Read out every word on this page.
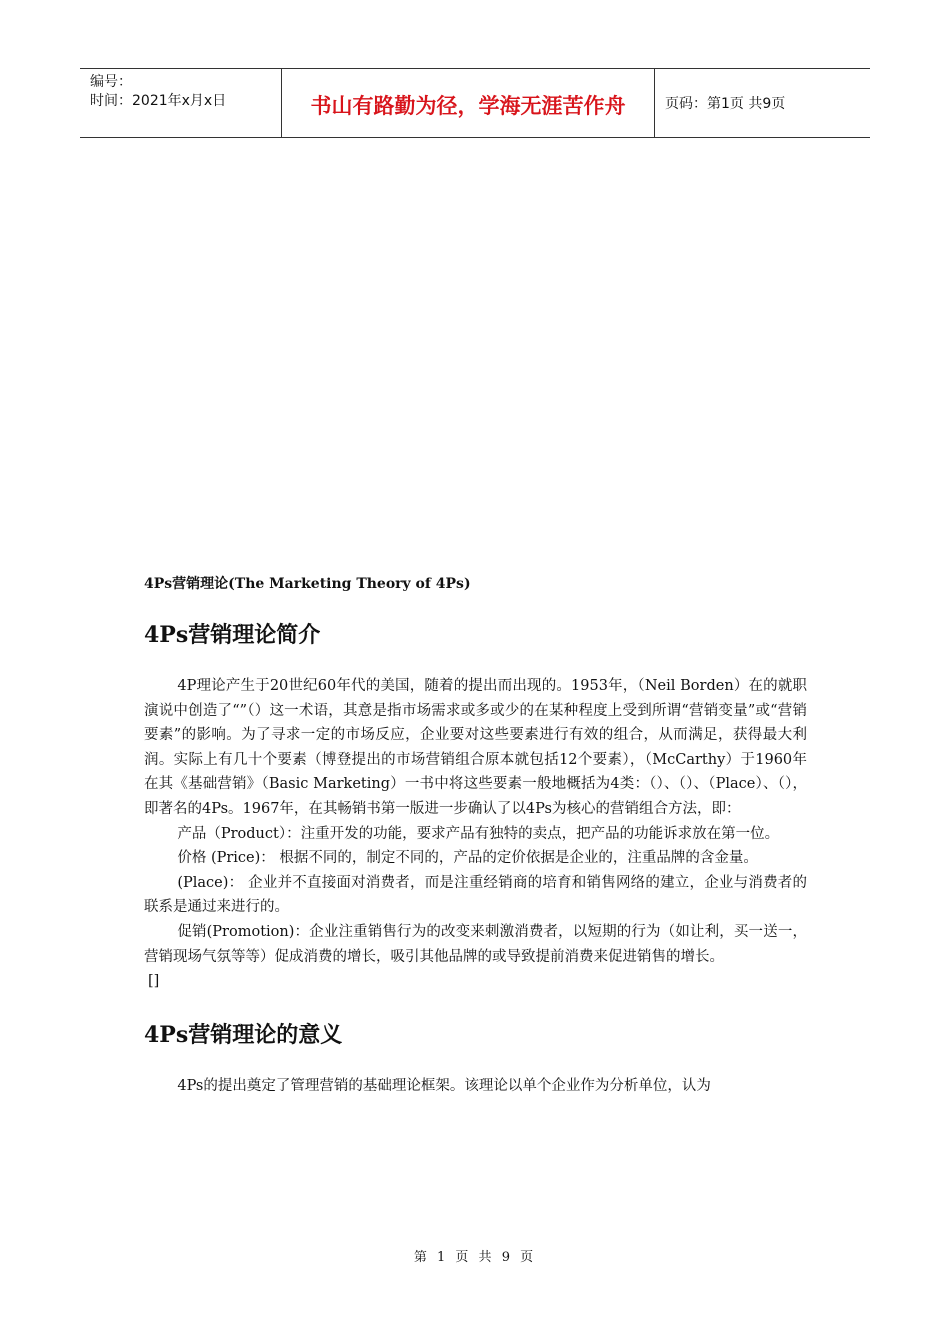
编号：
时间：2021年x月x日	书山有路勤为径，学海无涯苦作舟	页码：第1页 共9页

4Ps营销理论(The Marketing Theory of 4Ps)

4Ps营销理论简介

4P理论产生于20世纪60年代的美国，随着的提出而出现的。1953年，（Neil Borden）在的就职演说中创造了“”（）这一术语，其意是指市场需求或多或少的在某种程度上受到所谓“营销变量”或“营销要素”的影响。为了寻求一定的市场反应，企业要对这些要素进行有效的组合，从而满足，获得最大利润。实际上有几十个要素（博登提出的市场营销组合原本就包括12个要素），（McCarthy）于1960年在其《基础营销》（Basic Marketing）一书中将这些要素一般地概括为4类：（）、（）、（Place）、（），即著名的4Ps。1967年，在其畅销书第一版进一步确认了以4Ps为核心的营销组合方法，即：

产品（Product）：注重开发的功能，要求产品有独特的卖点，把产品的功能诉求放在第一位。

价格 (Price)： 根据不同的，制定不同的，产品的定价依据是企业的，注重品牌的含金量。

(Place)： 企业并不直接面对消费者，而是注重经销商的培育和销售网络的建立，企业与消费者的联系是通过来进行的。

促销(Promotion)：企业注重销售行为的改变来刺激消费者，以短期的行为（如让利，买一送一，营销现场气氛等等）促成消费的增长，吸引其他品牌的或导致提前消费来促进销售的增长。

[]

4Ps营销理论的意义

4Ps的提出奠定了管理营销的基础理论框架。该理论以单个企业作为分析单位，认为

第 1 页 共 9 页
